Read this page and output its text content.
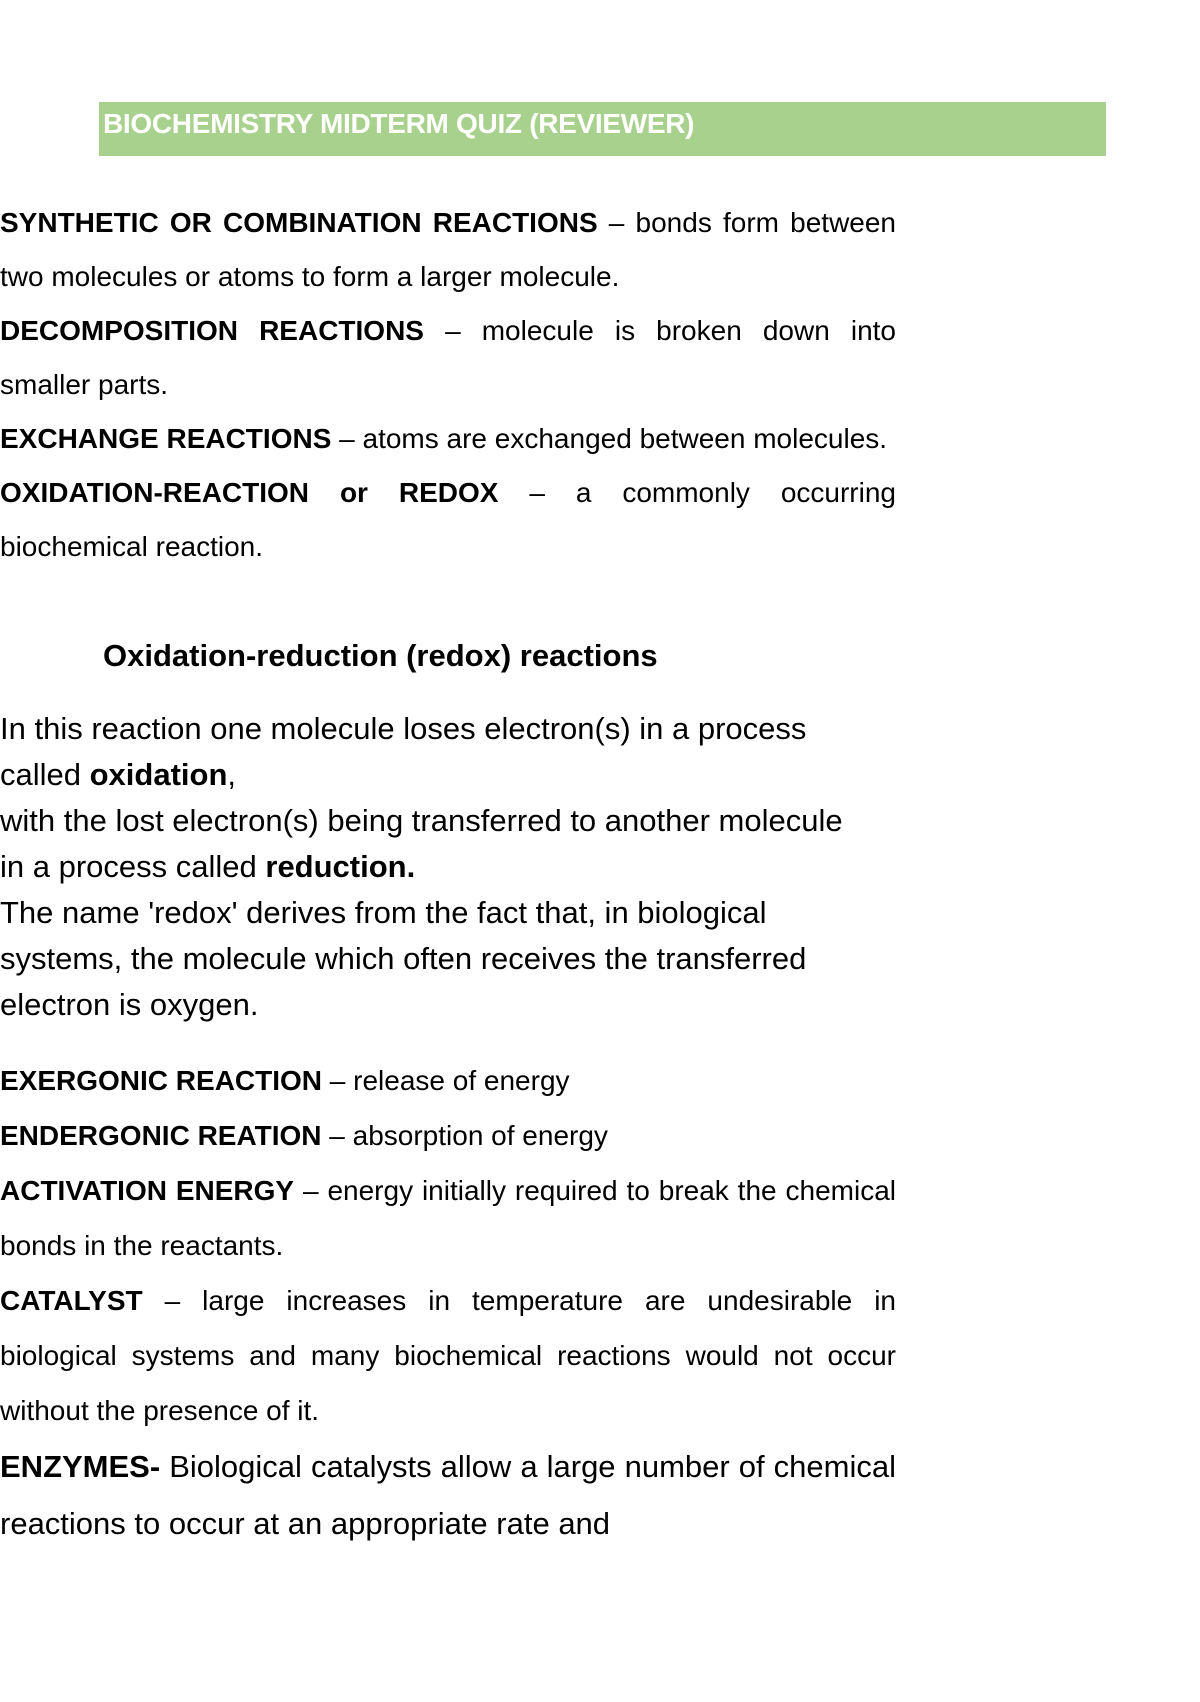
BIOCHEMISTRY MIDTERM QUIZ (REVIEWER)
SYNTHETIC OR COMBINATION REACTIONS – bonds form between two molecules or atoms to form a larger molecule.
DECOMPOSITION REACTIONS – molecule is broken down into smaller parts.
EXCHANGE REACTIONS – atoms are exchanged between molecules.
OXIDATION-REACTION or REDOX – a commonly occurring biochemical reaction.
Oxidation-reduction (redox) reactions
In this reaction one molecule loses electron(s) in a process called oxidation,
with the lost electron(s) being transferred to another molecule in a process called reduction.
The name 'redox' derives from the fact that, in biological systems, the molecule which often receives the transferred electron is oxygen.
EXERGONIC REACTION – release of energy
ENDERGONIC REATION – absorption of energy
ACTIVATION ENERGY – energy initially required to break the chemical bonds in the reactants.
CATALYST – large increases in temperature are undesirable in biological systems and many biochemical reactions would not occur without the presence of it.
ENZYMES- Biological catalysts allow a large number of chemical reactions to occur at an appropriate rate and
